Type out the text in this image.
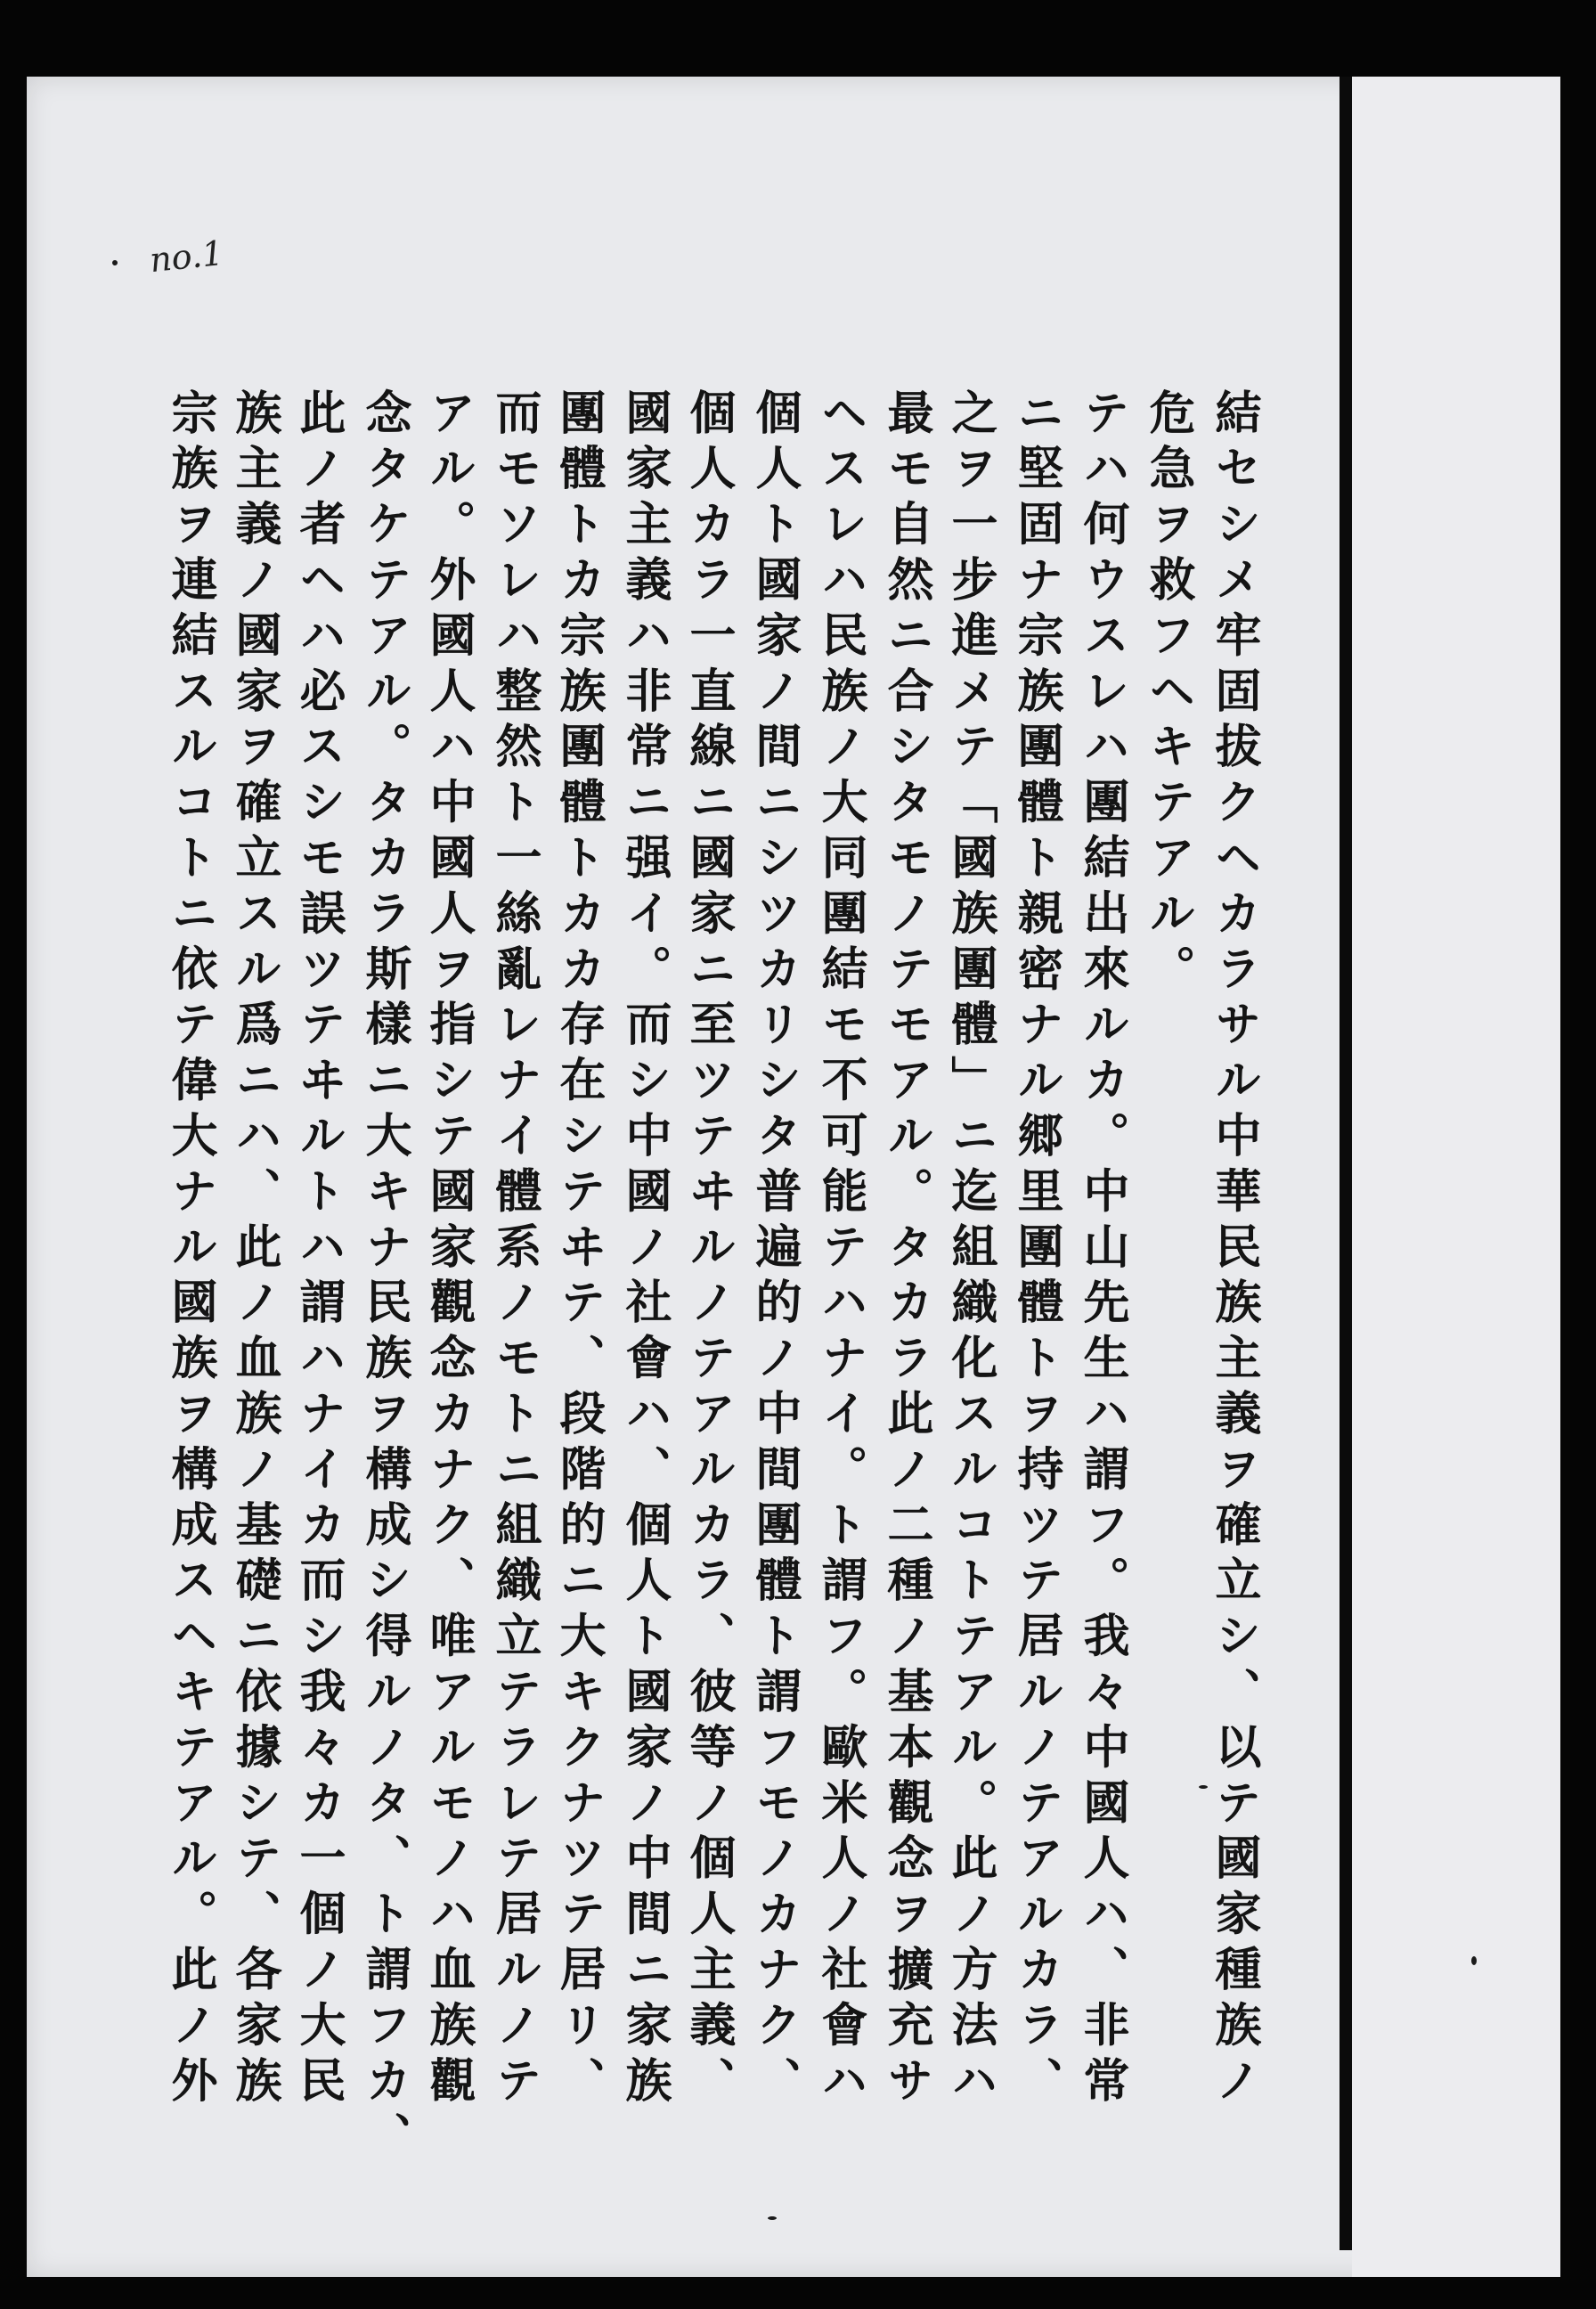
no.1
結セシメ牢固拔クヘカラサル中華民族主義ヲ確立シ、以テ國家種族ノ
危急ヲ救フヘキテアル。
テハ何ウスレハ團結出來ルカ。中山先生ハ謂フ。我々中國人ハ、非常
ニ堅固ナ宗族團體ト親密ナル郷里團體トヲ持ツテ居ルノテアルカラ、
之ヲ一步進メテ「國族團體」ニ迄組織化スルコトテアル。此ノ方法ハ
最モ自然ニ合シタモノテモアル。タカラ此ノ二種ノ基本觀念ヲ擴充サ
ヘスレハ民族ノ大同團結モ不可能テハナイ。ト謂フ。歐米人ノ社會ハ
個人ト國家ノ間ニシツカリシタ普遍的ノ中間團體ト謂フモノカナク、
個人カラ一直線ニ國家ニ至ツテヰルノテアルカラ、彼等ノ個人主義、
國家主義ハ非常ニ强イ。而シ中國ノ社會ハ、個人ト國家ノ中間ニ家族
團體トカ宗族團體トカカ存在シテヰテ、段階的ニ大キクナツテ居リ、
而モソレハ整然ト一絲亂レナイ體系ノモトニ組織立テラレテ居ルノテ
アル。外國人ハ中國人ヲ指シテ國家觀念カナク、唯アルモノハ血族觀
念タケテアル。タカラ斯樣ニ大キナ民族ヲ構成シ得ルノタ、ト謂フカ、
此ノ者ヘハ必スシモ誤ツテヰルトハ謂ハナイカ而シ我々カ一個ノ大民
族主義ノ國家ヲ確立スル爲ニハ、此ノ血族ノ基礎ニ依據シテ、各家族
宗族ヲ連結スルコトニ依テ偉大ナル國族ヲ構成スヘキテアル。此ノ外
